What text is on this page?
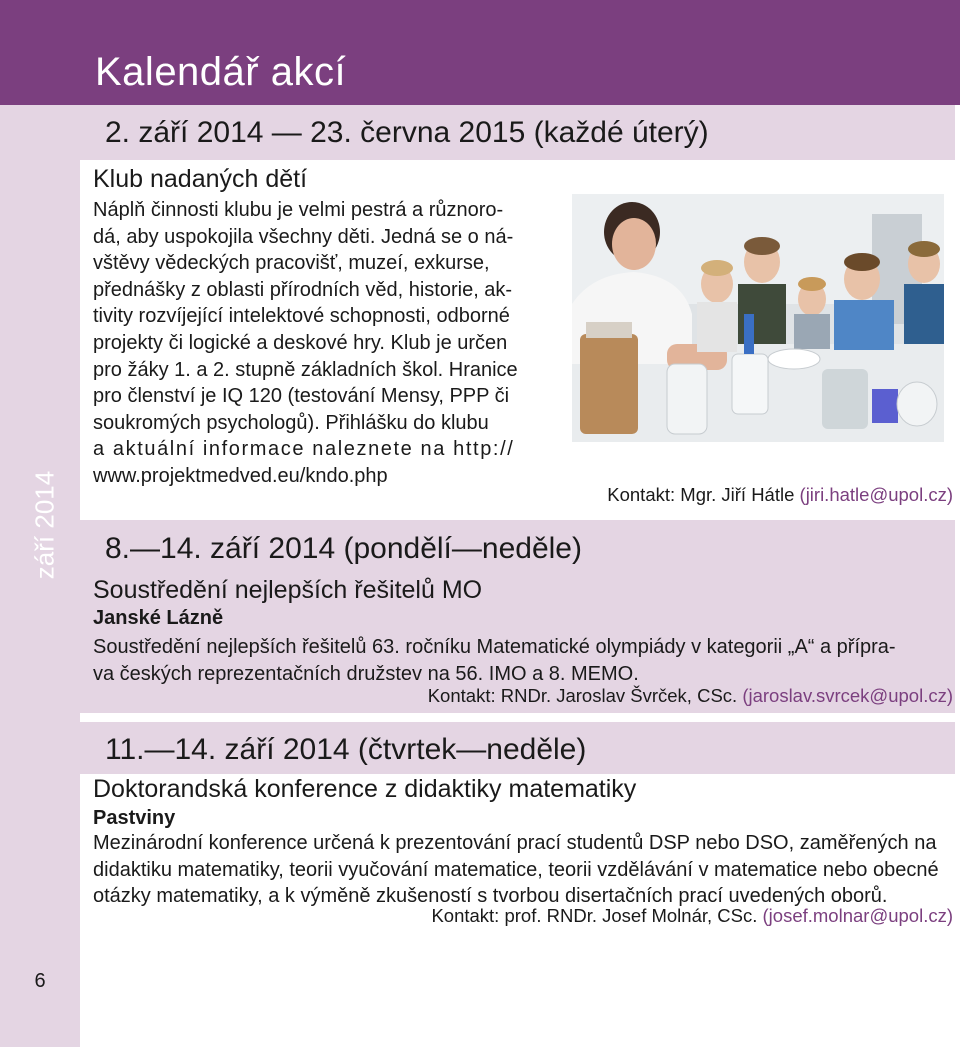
Kalendář akcí
září 2014
6
2. září 2014 — 23. června 2015 (každé úterý)
Klub nadaných dětí

Náplň činnosti klubu je velmi pestrá a různoro-

dá, aby uspokojila všechny děti. Jedná se o ná-

vštěvy vědeckých pracovišť, muzeí, exkurse,

přednášky z oblasti přírodních věd, historie, ak-

tivity rozvíjející intelektové schopnosti, odborné

projekty či logické a deskové hry. Klub je určen

pro žáky 1. a 2. stupně základních škol. Hranice

pro členství je IQ 120 (testování Mensy, PPP či

soukromých psychologů). Přihlášku do klubu

a aktuální informace naleznete na http://

www.projektmedved.eu/kndo.php

Kontakt: Mgr. Jiří Hátle (jiri.hatle@upol.cz)
8.—14. září 2014 (pondělí—neděle)
Soustředění nejlepších řešitelů MO
Janské Lázně

Soustředění nejlepších řešitelů 63. ročníku Matematické olympiády v kategorii „A“ a přípra-

va českých reprezentačních družstev na 56. IMO a 8. MEMO.

Kontakt: RNDr. Jaroslav Švrček, CSc. (jaroslav.svrcek@upol.cz)
11.—14. září 2014 (čtvrtek—neděle)
Doktorandská konference z didaktiky matematiky
Pastviny

Mezinárodní konference určená k prezentování prací studentů DSP nebo DSO, zaměřených na

didaktiku matematiky, teorii vyučování matematice, teorii vzdělávání v matematice nebo obecné

otázky matematiky, a k výměně zkušeností s tvorbou disertačních prací uvedených oborů.

Kontakt: prof. RNDr. Josef Molnár, CSc. (josef.molnar@upol.cz)
